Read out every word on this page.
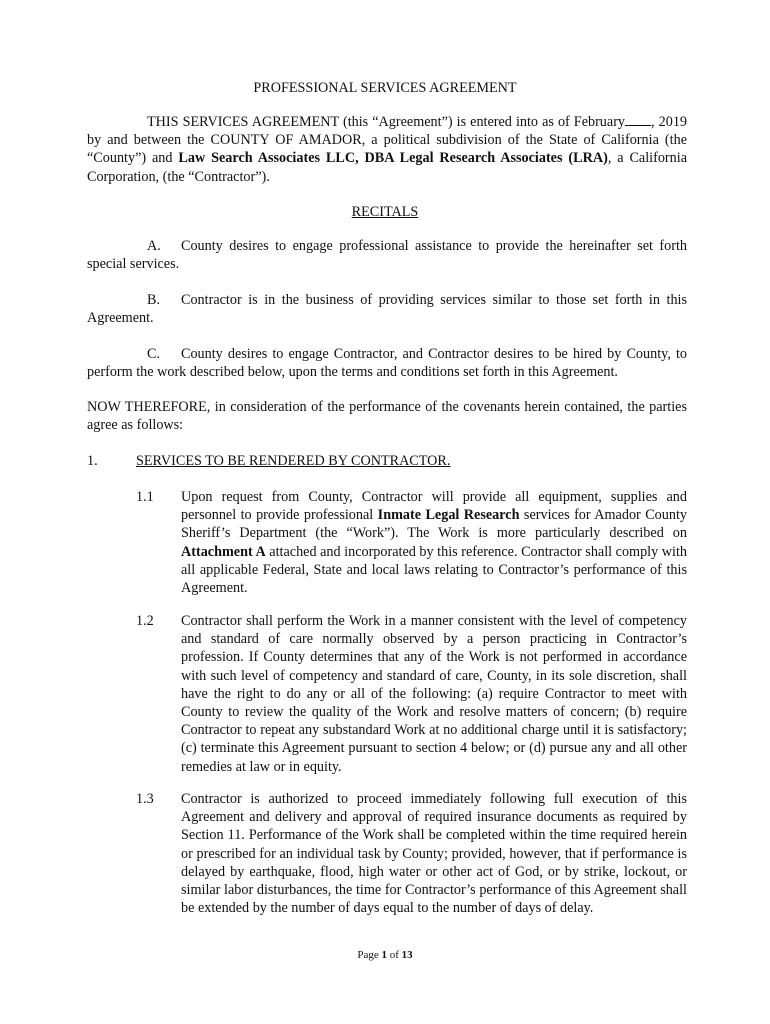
PROFESSIONAL SERVICES AGREEMENT
THIS SERVICES AGREEMENT (this “Agreement”) is entered into as of February , 2019 by and between the COUNTY OF AMADOR, a political subdivision of the State of California (the “County”) and Law Search Associates LLC, DBA Legal Research Associates (LRA), a California Corporation, (the “Contractor”).
RECITALS
A. County desires to engage professional assistance to provide the hereinafter set forth special services.
B. Contractor is in the business of providing services similar to those set forth in this Agreement.
C. County desires to engage Contractor, and Contractor desires to be hired by County, to perform the work described below, upon the terms and conditions set forth in this Agreement.
NOW THEREFORE, in consideration of the performance of the covenants herein contained, the parties agree as follows:
1.	SERVICES TO BE RENDERED BY CONTRACTOR.
1.1 Upon request from County, Contractor will provide all equipment, supplies and personnel to provide professional Inmate Legal Research services for Amador County Sheriff’s Department (the “Work”). The Work is more particularly described on Attachment A attached and incorporated by this reference. Contractor shall comply with all applicable Federal, State and local laws relating to Contractor’s performance of this Agreement.
1.2 Contractor shall perform the Work in a manner consistent with the level of competency and standard of care normally observed by a person practicing in Contractor’s profession. If County determines that any of the Work is not performed in accordance with such level of competency and standard of care, County, in its sole discretion, shall have the right to do any or all of the following: (a) require Contractor to meet with County to review the quality of the Work and resolve matters of concern; (b) require Contractor to repeat any substandard Work at no additional charge until it is satisfactory; (c) terminate this Agreement pursuant to section 4 below; or (d) pursue any and all other remedies at law or in equity.
1.3 Contractor is authorized to proceed immediately following full execution of this Agreement and delivery and approval of required insurance documents as required by Section 11. Performance of the Work shall be completed within the time required herein or prescribed for an individual task by County; provided, however, that if performance is delayed by earthquake, flood, high water or other act of God, or by strike, lockout, or similar labor disturbances, the time for Contractor’s performance of this Agreement shall be extended by the number of days equal to the number of days of delay.
Page 1 of 13
